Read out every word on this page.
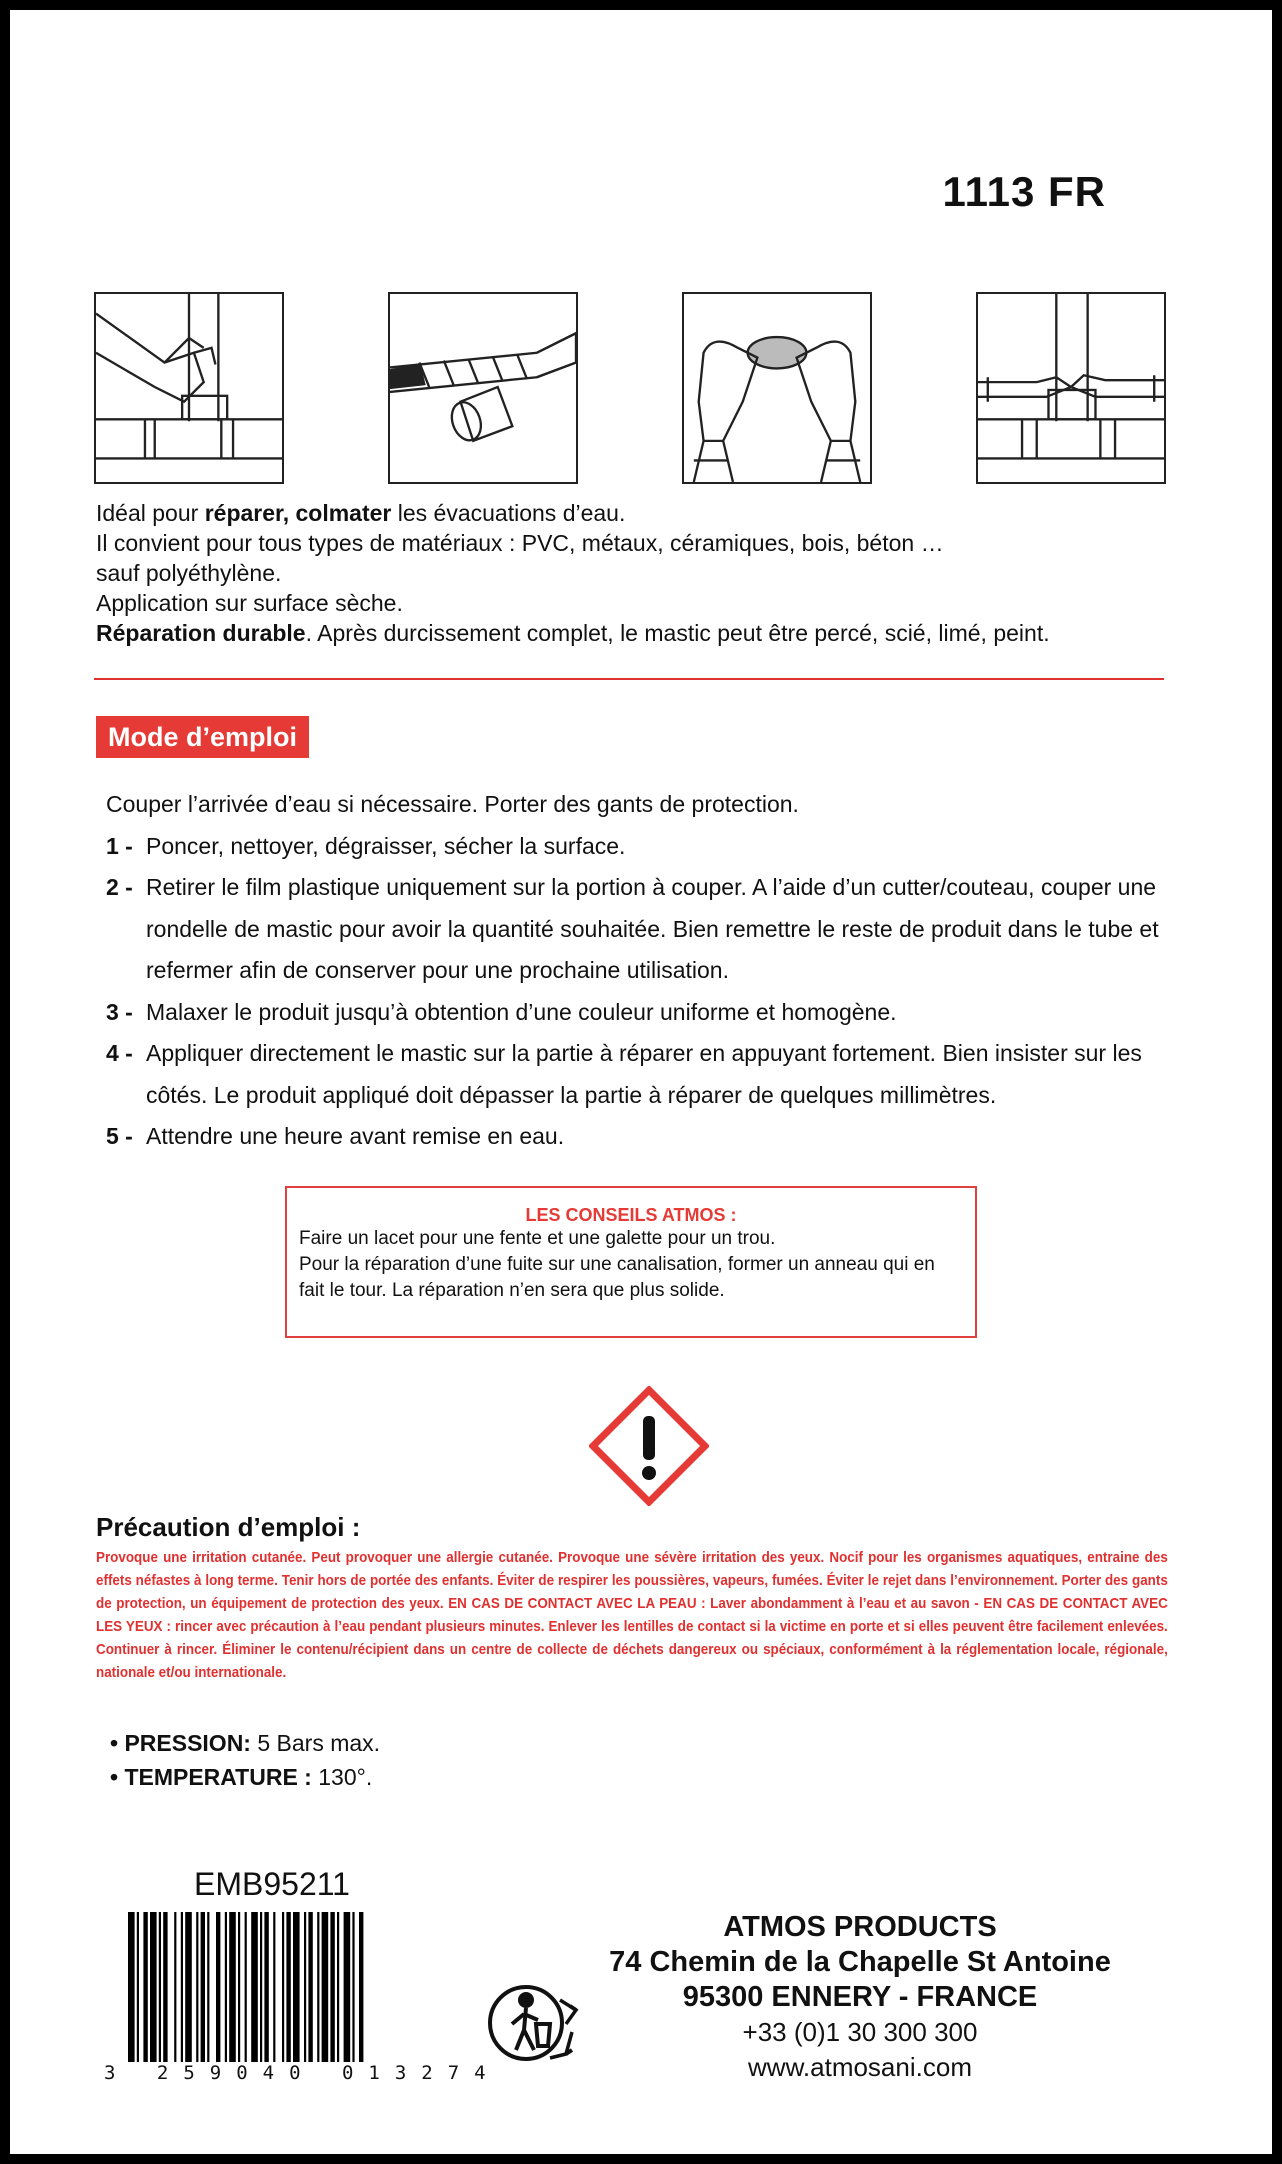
1113 FR

Idéal pour réparer, colmater les évacuations d’eau.

Il convient pour tous types de matériaux : PVC, métaux, céramiques, bois, béton …

sauf polyéthylène.

Application sur surface sèche.

Réparation durable. Après durcissement complet, le mastic peut être percé, scié, limé, peint.

Mode d’emploi
Couper l’arrivée d’eau si nécessaire. Porter des gants de protection.
1 - Poncer, nettoyer, dégraisser, sécher la surface.
2 - Retirer le film plastique uniquement sur la portion à couper. A l’aide d’un cutter/couteau, couper une rondelle de mastic pour avoir la quantité souhaitée. Bien remettre le reste de produit dans le tube et refermer afin de conserver pour une prochaine utilisation.
3 - Malaxer le produit jusqu’à obtention d’une couleur uniforme et homogène.
4 - Appliquer directement le mastic sur la partie à réparer en appuyant fortement. Bien insister sur les côtés. Le produit appliqué doit dépasser la partie à réparer de quelques millimètres.
5 - Attendre une heure avant remise en eau.
LES CONSEILS ATMOS :
Faire un lacet pour une fente et une galette pour un trou.
Pour la réparation d’une fuite sur une canalisation, former un anneau qui en fait le tour. La réparation n’en sera que plus solide.
Précaution d’emploi :
Provoque une irritation cutanée. Peut provoquer une allergie cutanée. Provoque une sévère irritation des yeux. Nocif pour les organismes aquatiques, entraine des effets néfastes à long terme. Tenir hors de portée des enfants. Éviter de respirer les poussières, vapeurs, fumées. Éviter le rejet dans l’environnement. Porter des gants de protection, un équipement de protection des yeux. EN CAS DE CONTACT AVEC LA PEAU : Laver abondamment à l’eau et au savon - EN CAS DE CONTACT AVEC LES YEUX : rincer avec précaution à l’eau pendant plusieurs minutes. Enlever les lentilles de contact si la victime en porte et si elles peuvent être facilement enlevées. Continuer à rincer. Éliminer le contenu/récipient dans un centre de collecte de déchets dangereux ou spéciaux, conformément à la réglementation locale, régionale, nationale et/ou internationale.
• PRESSION: 5 Bars max.
• TEMPERATURE : 130°.
EMB95211
3 259040 013274
ATMOS PRODUCTS
74 Chemin de la Chapelle St Antoine
95300 ENNERY - FRANCE
+33 (0)1 30 300 300
www.atmosani.com
